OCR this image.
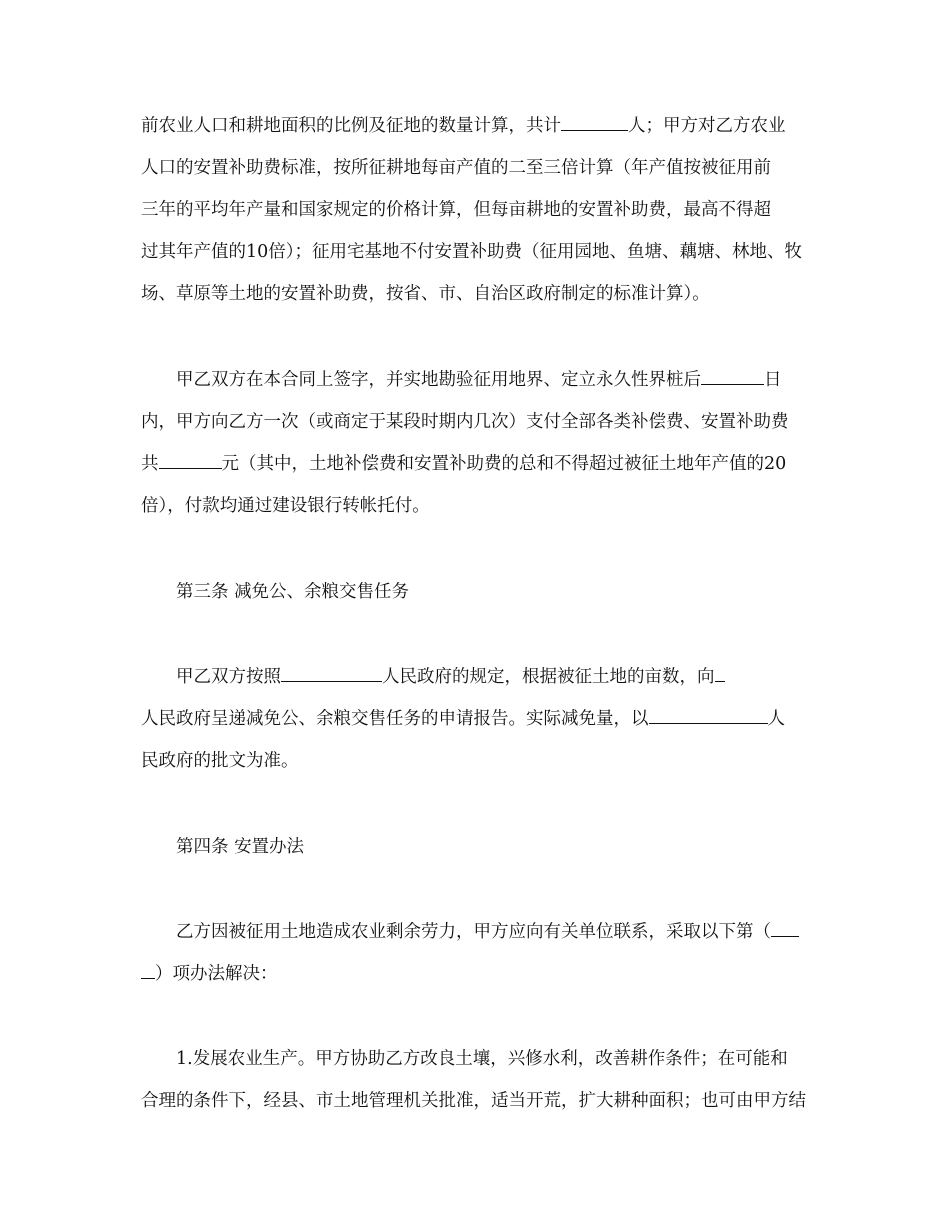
前农业人口和耕地面积的比例及征地的数量计算，共计	人；甲方对乙方农业
人口的安置补助费标准，按所征耕地每亩产值的二至三倍计算（年产值按被征用前
三年的平均年产量和国家规定的价格计算，但每亩耕地的安置补助费，最高不得超
过其年产值的10倍）；征用宅基地不付安置补助费（征用园地、鱼塘、藕塘、林地、牧
场、草原等土地的安置补助费，按省、市、自治区政府制定的标准计算）。
甲乙双方在本合同上签字，并实地勘验征用地界、定立永久性界桩后	日
内，甲方向乙方一次（或商定于某段时期内几次）支付全部各类补偿费、安置补助费
共	元（其中，土地补偿费和安置补助费的总和不得超过被征土地年产值的20
倍），付款均通过建设银行转帐托付。
第三条 减免公、余粮交售任务
甲乙双方按照	人民政府的规定，根据被征土地的亩数，向
人民政府呈递减免公、余粮交售任务的申请报告。实际减免量，以	人
民政府的批文为准。
第四条 安置办法
乙方因被征用土地造成农业剩余劳力，甲方应向有关单位联系，采取以下第（
）项办法解决：
1.发展农业生产。甲方协助乙方改良土壤，兴修水利，改善耕作条件；在可能和
合理的条件下，经县、市土地管理机关批准，适当开荒，扩大耕种面积；也可由甲方结
